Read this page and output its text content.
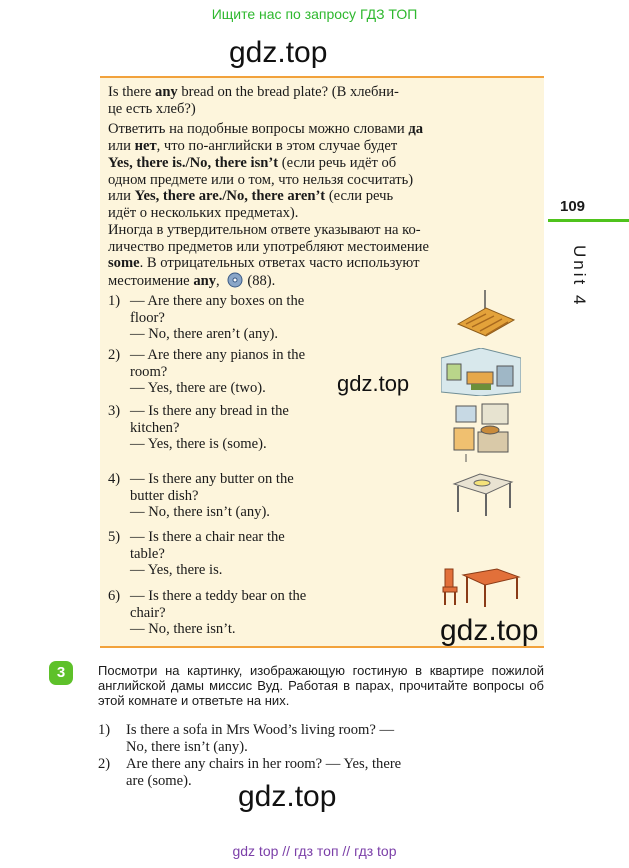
Ищите нас по запросу ГДЗ ТОП
gdz.top
Is there any bread on the bread plate? (В хлебни-
це есть хлеб?)
Ответить на подобные вопросы можно словами да
или нет, что по-английски в этом случае будет
Yes, there is./No, there isn’t (если речь идёт об
одном предмете или о том, что нельзя сосчитать)
или Yes, there are./No, there aren’t (если речь
идёт о нескольких предметах).
Иногда в утвердительном ответе указывают на ко-
личество предметов или употребляют местоимение
some. В отрицательных ответах часто используют
местоимение any, (88).
1) — Are there any boxes on the
floor?
— No, there aren’t (any).
2) — Are there any pianos in the
room?
— Yes, there are (two).
3) — Is there any bread in the
kitchen?
— Yes, there is (some).
4) — Is there any butter on the
butter dish?
— No, there isn’t (any).
5) — Is there a chair near the
table?
— Yes, there is.
6) — Is there a teddy bear on the
chair?
— No, there isn’t.
gdz.top
gdz.top
109
Unit 4
3	Посмотри на картинку, изображающую гостиную в квартире пожилой английской дамы миссис Вуд. Работая в парах, прочитайте вопросы об этой комнате и ответьте на них.
1) Is there a sofa in Mrs Wood’s living room? —
No, there isn’t (any).
2) Are there any chairs in her room? — Yes, there
are (some).	gdz.top
gdz top // гдз топ // гдз top
